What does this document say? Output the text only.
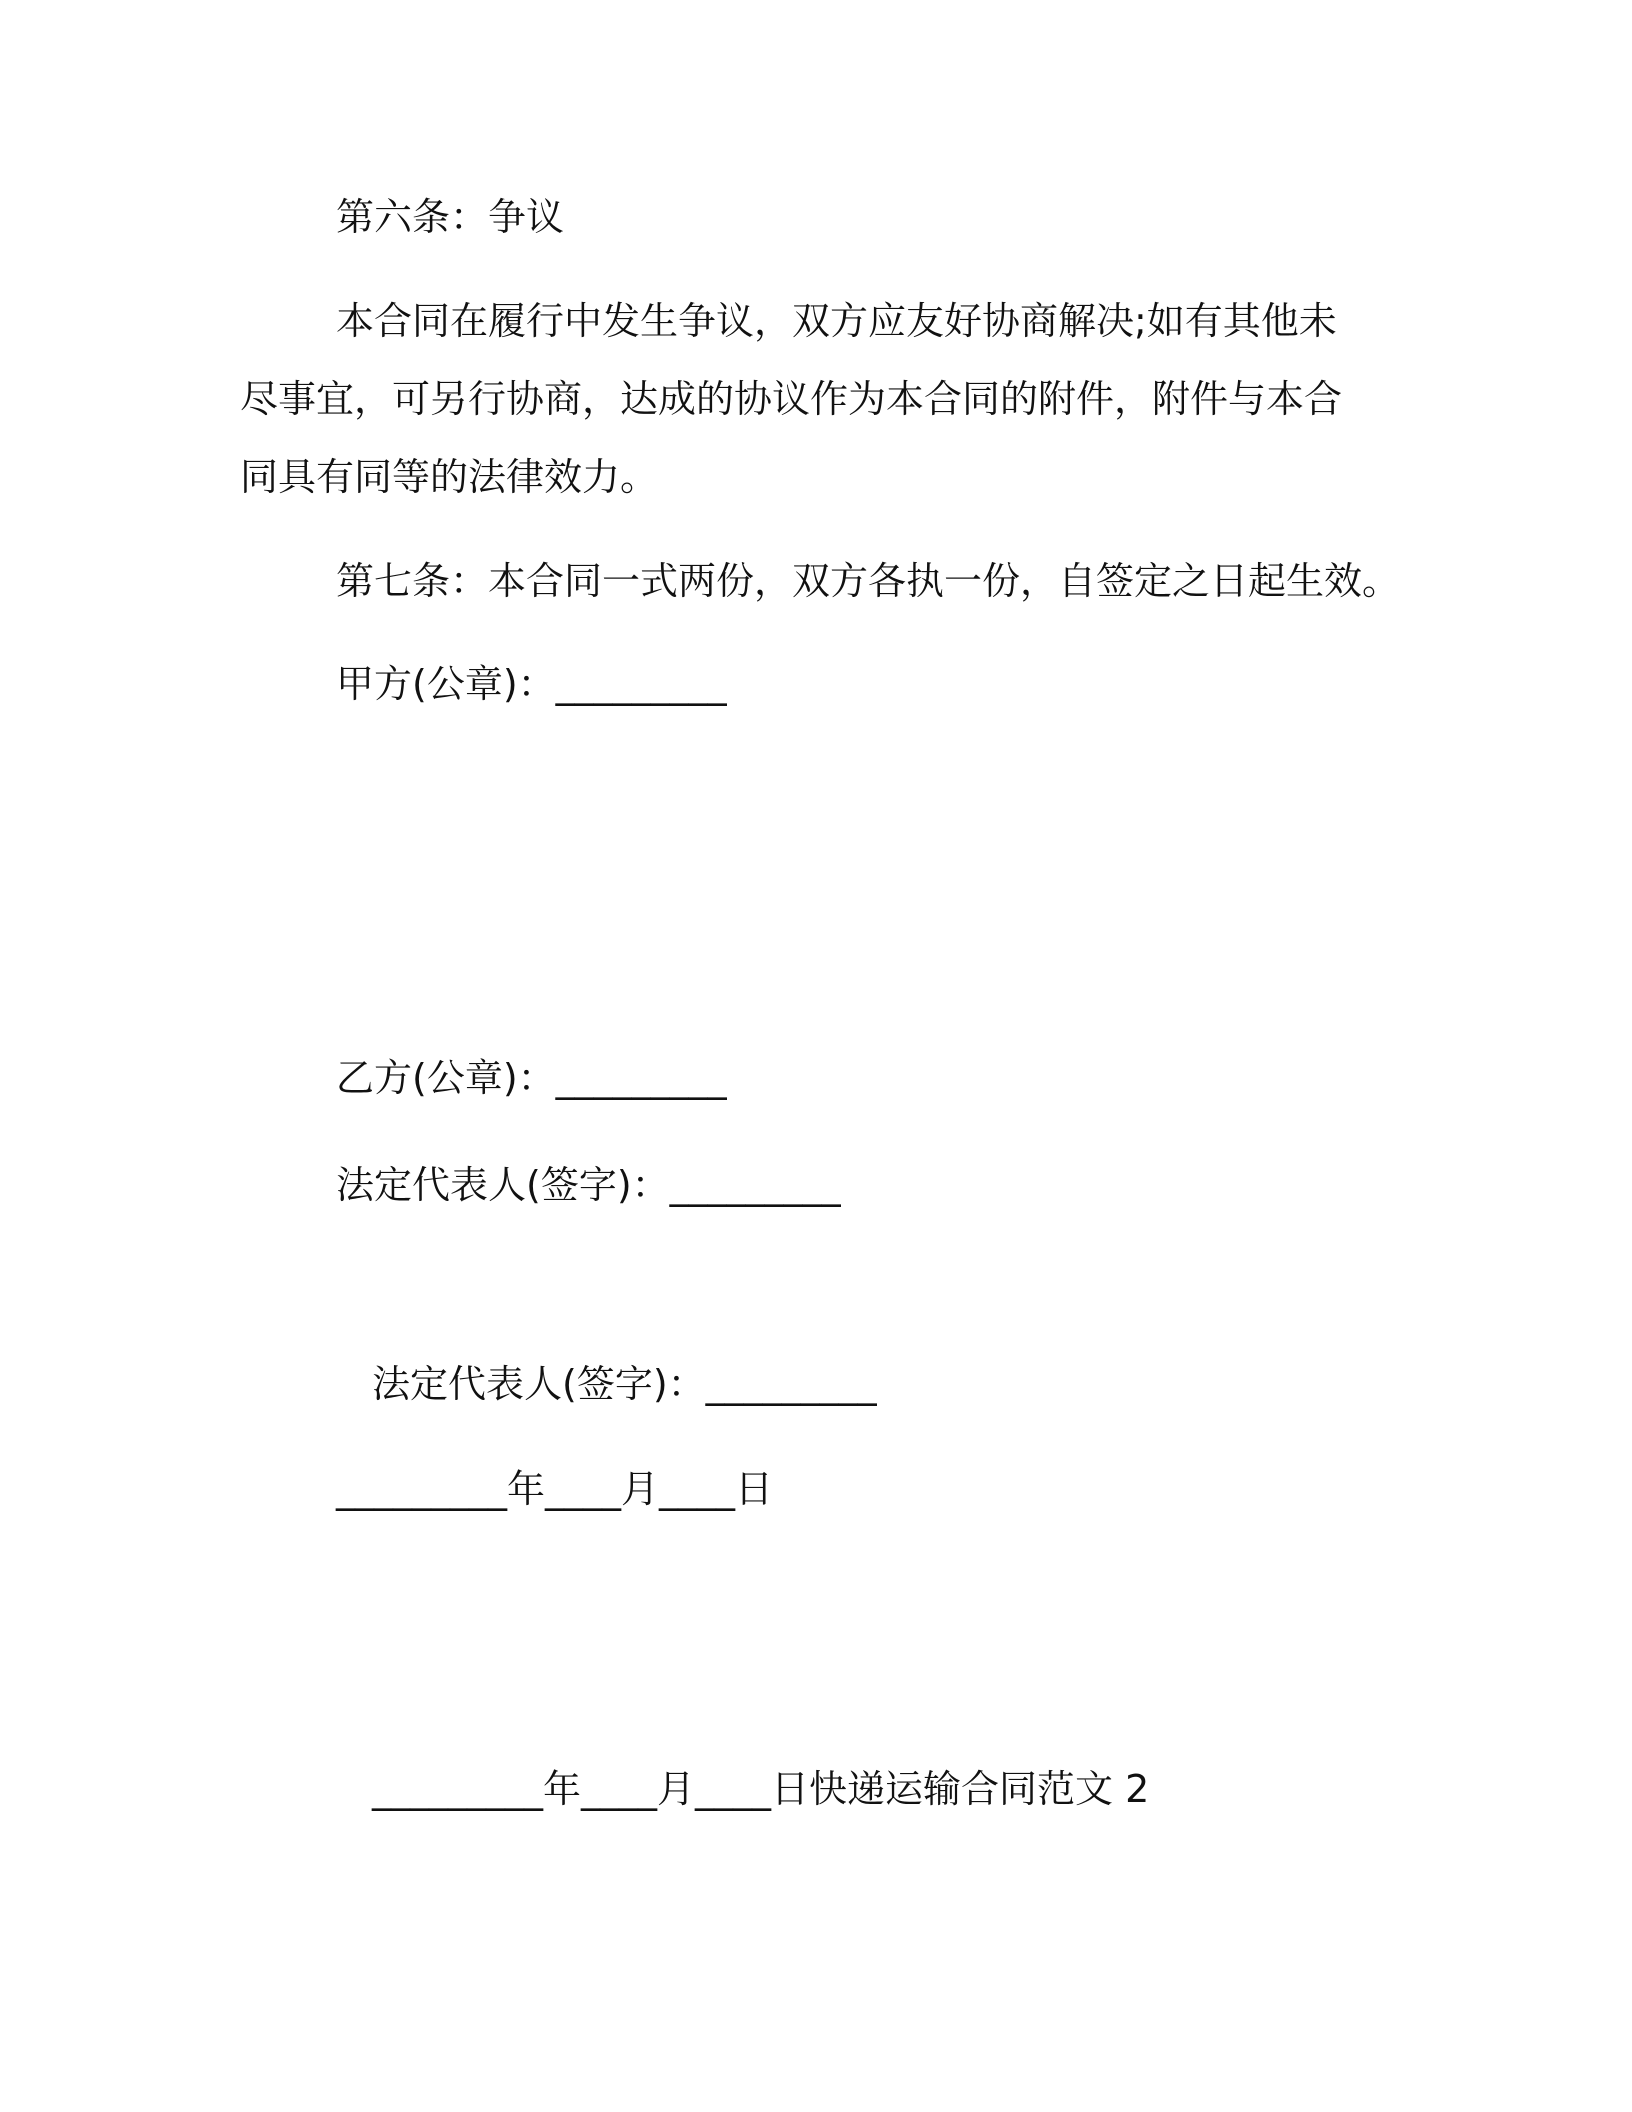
第六条：争议
本合同在履行中发生争议，双方应友好协商解决;如有其他未尽事宜，可另行协商，达成的协议作为本合同的附件，附件与本合同具有同等的法律效力。
第七条：本合同一式两份，双方各执一份，自签定之日起生效。
甲方(公章)：_________
乙方(公章)：_________
法定代表人(签字)：_________
法定代表人(签字)：_________
_________年____月____日
_________年____月____日快递运输合同范文 2
